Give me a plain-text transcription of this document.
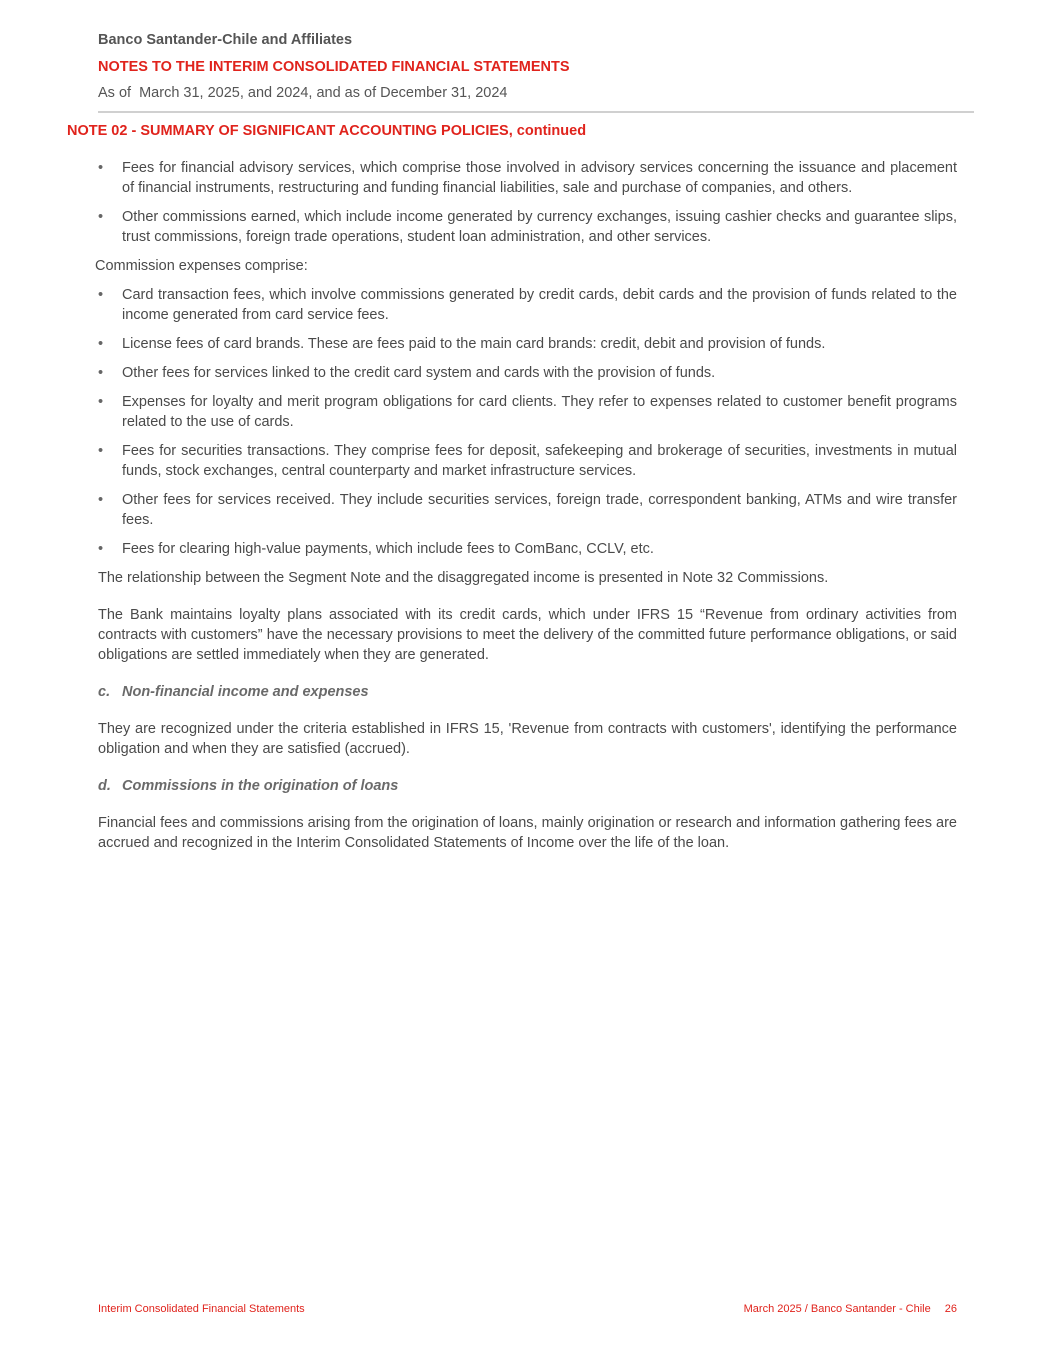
Banco Santander-Chile and Affiliates
NOTES TO THE INTERIM CONSOLIDATED FINANCIAL STATEMENTS
As of  March 31, 2025, and 2024, and as of December 31, 2024
NOTE 02 - SUMMARY OF SIGNIFICANT ACCOUNTING POLICIES, continued
•	Fees for financial advisory services, which comprise those involved in advisory services concerning the issuance and placement of financial instruments, restructuring and funding financial liabilities, sale and purchase of companies, and others.
•	Other commissions earned, which include income generated by currency exchanges, issuing cashier checks and guarantee slips, trust commissions, foreign trade operations, student loan administration, and other services.

Commission expenses comprise:

•	Card transaction fees, which involve commissions generated by credit cards, debit cards and the provision of funds related to the income generated from card service fees.
•	License fees of card brands. These are fees paid to the main card brands: credit, debit and provision of funds.
•	Other fees for services linked to the credit card system and cards with the provision of funds.
•	Expenses for loyalty and merit program obligations for card clients. They refer to expenses related to customer benefit programs related to the use of cards.
•	Fees for securities transactions. They comprise fees for deposit, safekeeping and brokerage of securities, investments in mutual funds, stock exchanges, central counterparty and market infrastructure services.
•	Other fees for services received. They include securities services, foreign trade, correspondent banking, ATMs and wire transfer fees.
•	Fees for clearing high-value payments, which include fees to ComBanc, CCLV, etc.

The relationship between the Segment Note and the disaggregated income is presented in Note 32 Commissions.

The Bank maintains loyalty plans associated with its credit cards, which under IFRS 15 “Revenue from ordinary activities from contracts with customers” have the necessary provisions to meet the delivery of the committed future performance obligations, or said obligations are settled immediately when they are generated.

c. Non-financial income and expenses

They are recognized under the criteria established in IFRS 15, 'Revenue from contracts with customers', identifying the performance obligation and when they are satisfied (accrued).

d. Commissions in the origination of loans

Financial fees and commissions arising from the origination of loans, mainly origination or research and information gathering fees are accrued and recognized in the Interim Consolidated Statements of Income over the life of the loan.

Interim Consolidated Financial Statements	March 2025 / Banco Santander - Chile 26
